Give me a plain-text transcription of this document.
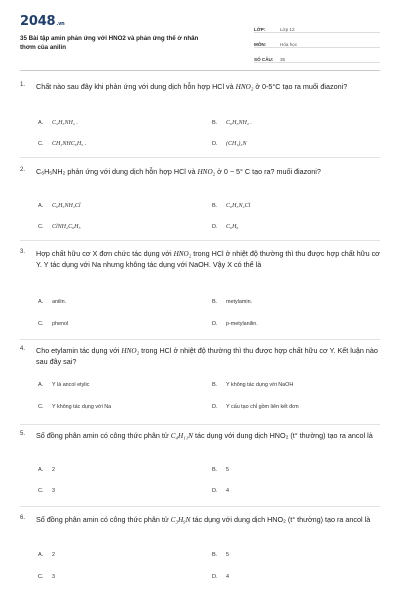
2048.vn
35 Bài tập amin phản ứng với HNO2 và phản ứng thế ở nhân thơm của anilin
LỚP:	Lớp 12
MÔN:	Hóa học
SỐ CÂU:	35
1. Chất nào sau đây khi phản ứng với dung dịch hỗn hợp HCl và HNO₂ ở 0-5°C tạo ra muối điazoni?
A.	C₂H₅NH₂ .	B.	C₆H₅NH₂ .
C.	CH₃NHC₆H₅ .	D.	(CH₃)₃N
2. C₆H₅NH₂ phản ứng với dung dịch hỗn hợp HCl và HNO₂ ở 0 − 5° C tạo ra? muối điazoni?
A.	C₆H₅NH₃Cl	B.	C₆H₅N₂Cl
C.	ClNH₂C₆H₅	D.	C₆H₆
3. Hợp chất hữu cơ X đơn chức tác dụng với HNO₂ trong HCl ở nhiệt độ thường thì thu được hợp chất hữu cơ Y. Y tác dụng với Na nhưng không tác dụng với NaOH. Vậy X có thể là
A.	anilin.	B.	metylamin.
C.	phenol	D.	p-metylanilin.
4. Cho etylamin tác dụng với HNO₂ trong HCl ở nhiệt độ thường thì thu được hợp chất hữu cơ Y. Kết luận nào sau đây sai?
A.	Y là ancol etylic	B.	Y không tác dụng với NaOH
C.	Y không tác dụng với Na	D.	Y cấu tạo chỉ gồm liên kết đơn
5. Số đồng phân amin có công thức phân tử C₄H₁₁N tác dụng với dung dịch HNO₂ (t° thường) tạo ra ancol là
A.	2	B.	5
C.	3	D.	4
6. Số đồng phân amin có công thức phân tử C₃H₉N tác dụng với dung dịch HNO₂ (t° thường) tạo ra ancol là
A.	2	B.	5
C.	3	D.	4
